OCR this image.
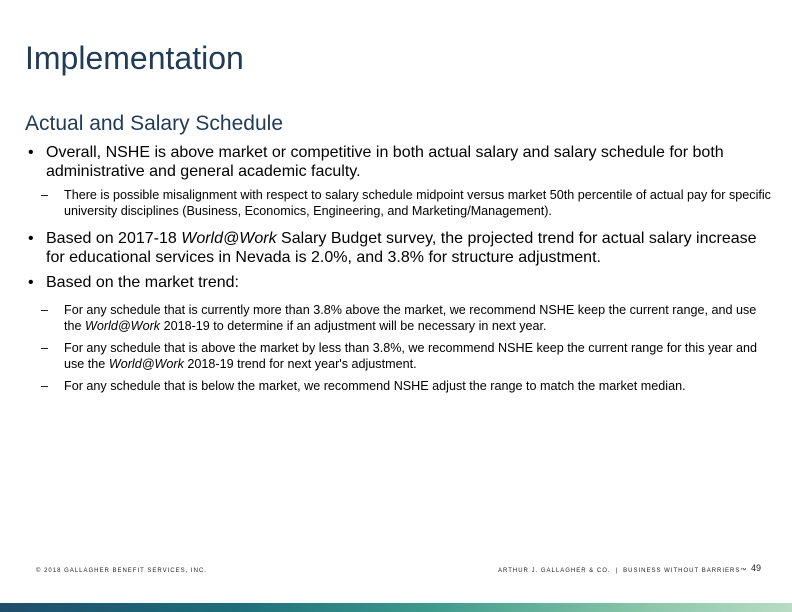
Implementation
Actual and Salary Schedule
• Overall, NSHE is above market or competitive in both actual salary and salary schedule for both administrative and general academic faculty.
– There is possible misalignment with respect to salary schedule midpoint versus market 50th percentile of actual pay for specific university disciplines (Business, Economics, Engineering, and Marketing/Management).
• Based on 2017-18 World@Work Salary Budget survey, the projected trend for actual salary increase for educational services in Nevada is 2.0%, and 3.8% for structure adjustment.
• Based on the market trend:
– For any schedule that is currently more than 3.8% above the market, we recommend NSHE keep the current range, and use the World@Work 2018-19 to determine if an adjustment will be necessary in next year.
– For any schedule that is above the market by less than 3.8%, we recommend NSHE keep the current range for this year and use the World@Work 2018-19 trend for next year's adjustment.
– For any schedule that is below the market, we recommend NSHE adjust the range to match the market median.
© 2018 GALLAGHER BENEFIT SERVICES, INC.	ARTHUR J. GALLAGHER & CO. | BUSINESS WITHOUT BARRIERS™ 49
